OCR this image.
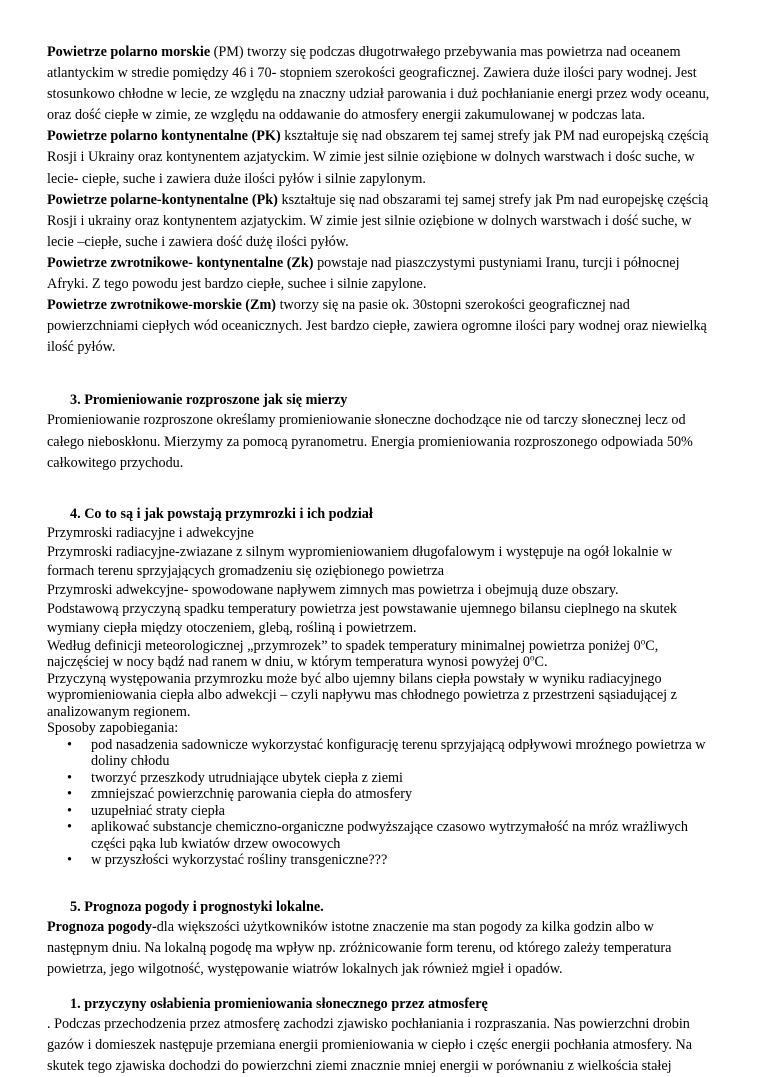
Powietrze polarno morskie (PM) tworzy się podczas długotrwałego przebywania mas powietrza nad oceanem atlantyckim w stredie pomiędzy 46 i 70- stopniem szerokości geograficznej. Zawiera duże ilości pary wodnej. Jest stosunkowo chłodne w lecie, ze względu na znaczny udział parowania i duż pochłanianie energi przez wody oceanu, oraz dość ciepłe w zimie, ze względu na oddawanie do atmosfery energii zakumulowanej w podczas lata.

Powietrze polarno kontynentalne (PK) kształtuje się nad obszarem tej samej strefy jak PM nad europejską częścią Rosji i Ukrainy oraz kontynentem azjatyckim. W zimie jest silnie oziębione w dolnych warstwach i dośc suche, w lecie- ciepłe, suche i zawiera duże ilości pyłów i silnie zapylonym.

Powietrze polarne-kontynentalne (Pk) kształtuje się nad obszarami tej samej strefy jak Pm nad europejskę częścią Rosji i ukrainy oraz kontynentem azjatyckim. W zimie jest silnie oziębione w dolnych warstwach i dość suche, w lecie –ciepłe, suche i zawiera dość dużę ilości pyłów.

Powietrze zwrotnikowe- kontynentalne (Zk) powstaje nad piaszczystymi pustyniami Iranu, turcji i północnej Afryki. Z tego powodu jest bardzo ciepłe, suchee i silnie zapylone.

Powietrze zwrotnikowe-morskie (Zm) tworzy się na pasie ok. 30stopni szerokości geograficznej nad powierzchniami ciepłych wód oceanicznych. Jest bardzo ciepłe, zawiera ogromne ilości pary wodnej oraz niewielką ilość pyłów.

3. Promieniowanie rozproszone jak się mierzy

Promieniowanie rozproszone określamy promieniowanie słoneczne dochodzące nie od tarczy słonecznej lecz od całego nieboskłonu. Mierzymy za pomocą pyranometru. Energia promieniowania rozproszonego odpowiada 50% całkowitego przychodu.

4. Co to są i jak powstają przymrozki i ich podział

Przymroski radiacyjne i adwekcyjne

Przymroski radiacyjne-zwiazane z silnym wypromieniowaniem długofalowym i występuje na ogół lokalnie w formach terenu sprzyjających gromadzeniu się oziębionego powietrza

Przymroski adwekcyjne- spowodowane napływem zimnych mas powietrza i obejmują duze obszary.

Podstawową przyczyną spadku temperatury powietrza jest powstawanie ujemnego bilansu cieplnego na skutek wymiany ciepła między otoczeniem, glebą, rośliną i powietrzem.

Według definicji meteorologicznej „przymrozek” to spadek temperatury minimalnej powietrza poniżej 0$^o$C,

najczęściej w nocy bądź nad ranem w dniu, w którym temperatura wynosi powyżej 0$^o$C.

Przyczyną występowania przymrozku może być albo ujemny bilans ciepła powstały w wyniku radiacyjnego wypromieniowania ciepła albo adwekcji – czyli napływu mas chłodnego powietrza z przestrzeni sąsiadującej z analizowanym regionem.

Sposoby zapobiegania:

• pod nasadzenia sadownicze wykorzystać konfigurację terenu sprzyjającą odpływowi mroźnego powietrza w doliny chłodu
• tworzyć przeszkody utrudniające ubytek ciepła z ziemi
• zmniejszać powierzchnię parowania ciepła do atmosfery
• uzupełniać straty ciepła
• aplikować substancje chemiczno-organiczne podwyższające czasowo wytrzymałość na mróz wrażliwych części pąka lub kwiatów drzew owocowych
• w przyszłości wykorzystać rośliny transgeniczne???

5. Prognoza pogody i prognostyki lokalne.

Prognoza pogody-dla większości użytkowników istotne znaczenie ma stan pogody za kilka godzin albo w następnym dniu. Na lokalną pogodę ma wpływ np. zróżnicowanie form terenu, od którego zależy temperatura powietrza, jego wilgotność, występowanie wiatrów lokalnych jak również mgieł i opadów.

1. przyczyny osłabienia promieniowania słonecznego przez atmosferę

. Podczas przechodzenia przez atmosferę zachodzi zjawisko pochłaniania i rozpraszania. Nas powierzchni drobin gazów i domieszek następuje przemiana energii promieniowania w ciepło i częśc energii pochłania atmosfery. Na skutek tego zjawiska dochodzi do powierzchni ziemi znacznie mniej energii w porównaniu z wielkościa stałej
